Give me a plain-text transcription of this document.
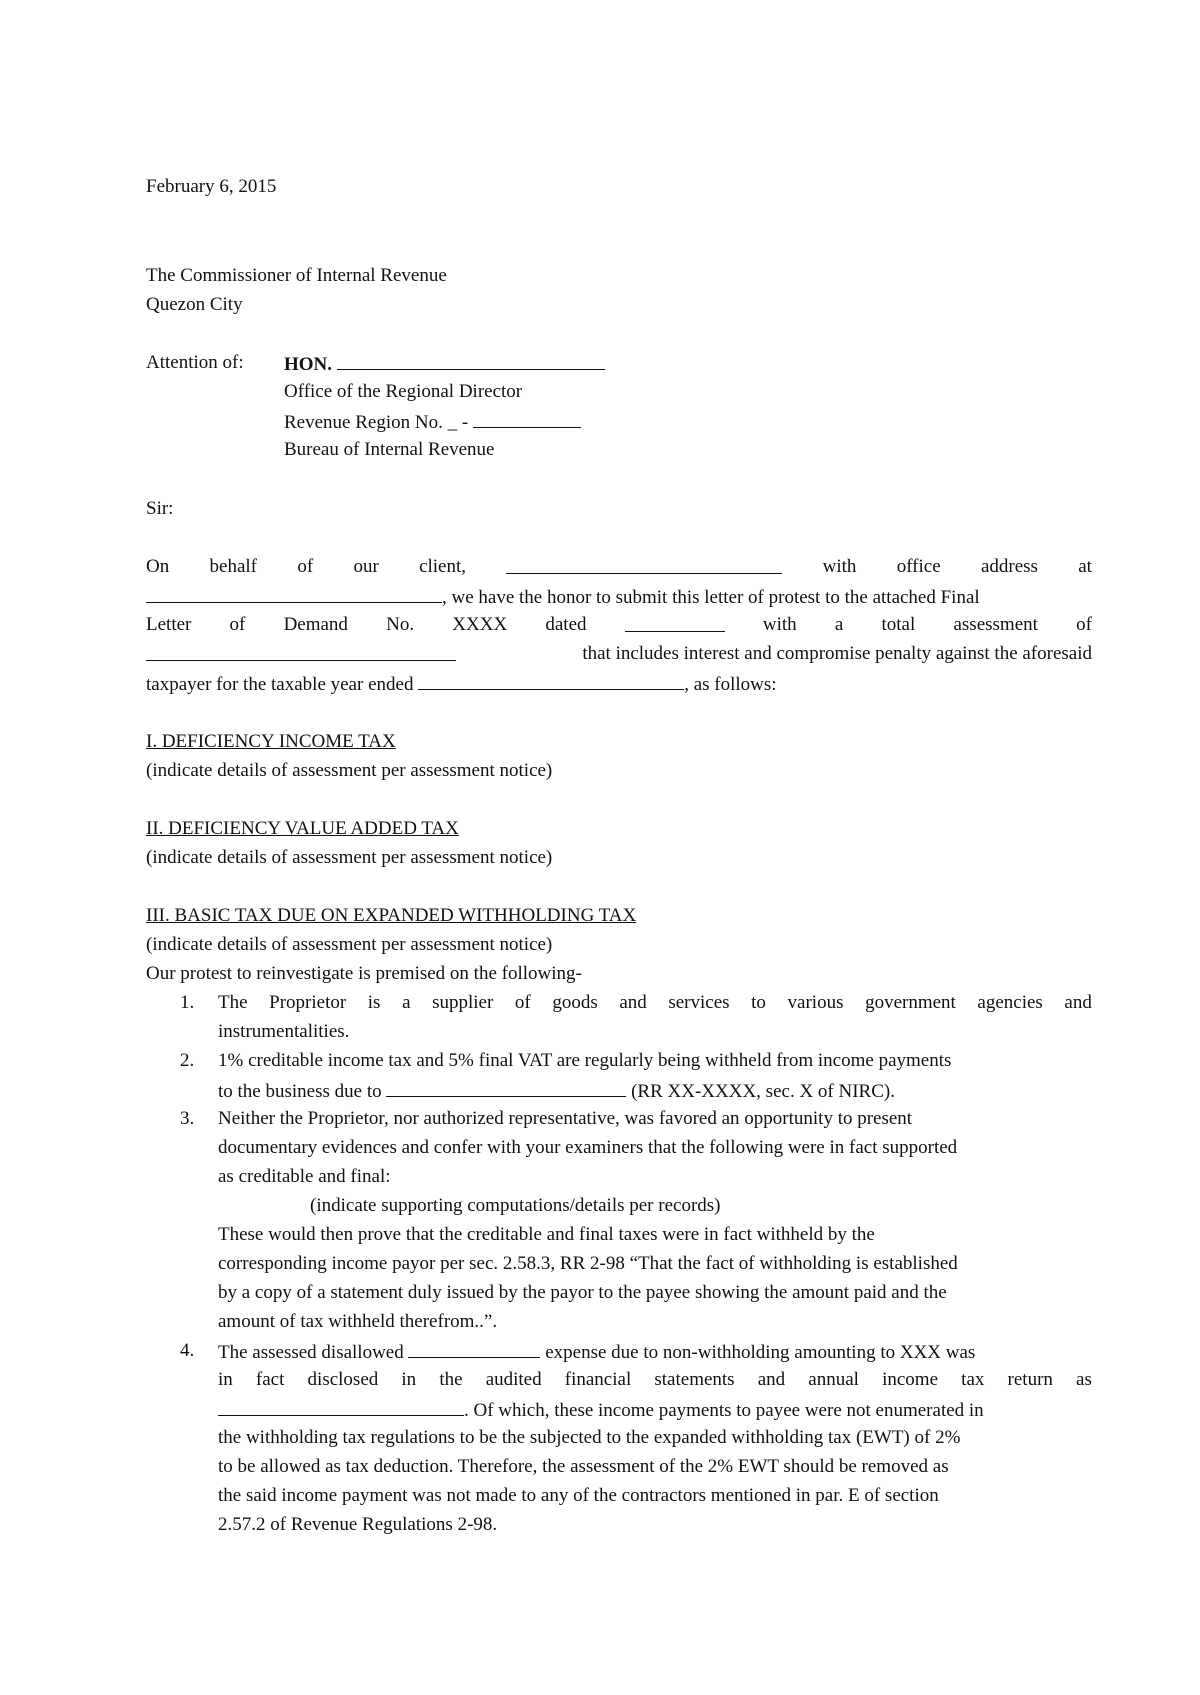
February 6, 2015
The Commissioner of Internal Revenue
Quezon City
Attention of: HON.
Office of the Regional Director
Revenue Region No. _ -
Bureau of Internal Revenue
Sir:
On behalf of our client,	with office address at
, we have the honor to submit this letter of protest to the attached Final
Letter of Demand No. XXXX dated	with a total assessment of
that includes interest and compromise penalty against the aforesaid
taxpayer for the taxable year ended	, as follows:
I. DEFICIENCY INCOME TAX
(indicate details of assessment per assessment notice)
II. DEFICIENCY VALUE ADDED TAX
(indicate details of assessment per assessment notice)
III. BASIC TAX DUE ON EXPANDED WITHHOLDING TAX
(indicate details of assessment per assessment notice)
Our protest to reinvestigate is premised on the following-
1. The Proprietor is a supplier of goods and services to various government agencies and
instrumentalities.
2. 1% creditable income tax and 5% final VAT are regularly being withheld from income payments
to the business due to	(RR XX-XXXX, sec. X of NIRC).
3. Neither the Proprietor, nor authorized representative, was favored an opportunity to present
documentary evidences and confer with your examiners that the following were in fact supported
as creditable and final:
(indicate supporting computations/details per records)
These would then prove that the creditable and final taxes were in fact withheld by the
corresponding income payor per sec. 2.58.3, RR 2-98 “That the fact of withholding is established
by a copy of a statement duly issued by the payor to the payee showing the amount paid and the
amount of tax withheld therefrom..”.
4. The assessed disallowed	expense due to non-withholding amounting to XXX was
in fact disclosed in the audited financial statements and annual income tax return as
. Of which, these income payments to payee were not enumerated in
the withholding tax regulations to be the subjected to the expanded withholding tax (EWT) of 2%
to be allowed as tax deduction. Therefore, the assessment of the 2% EWT should be removed as
the said income payment was not made to any of the contractors mentioned in par. E of section
2.57.2 of Revenue Regulations 2-98.
